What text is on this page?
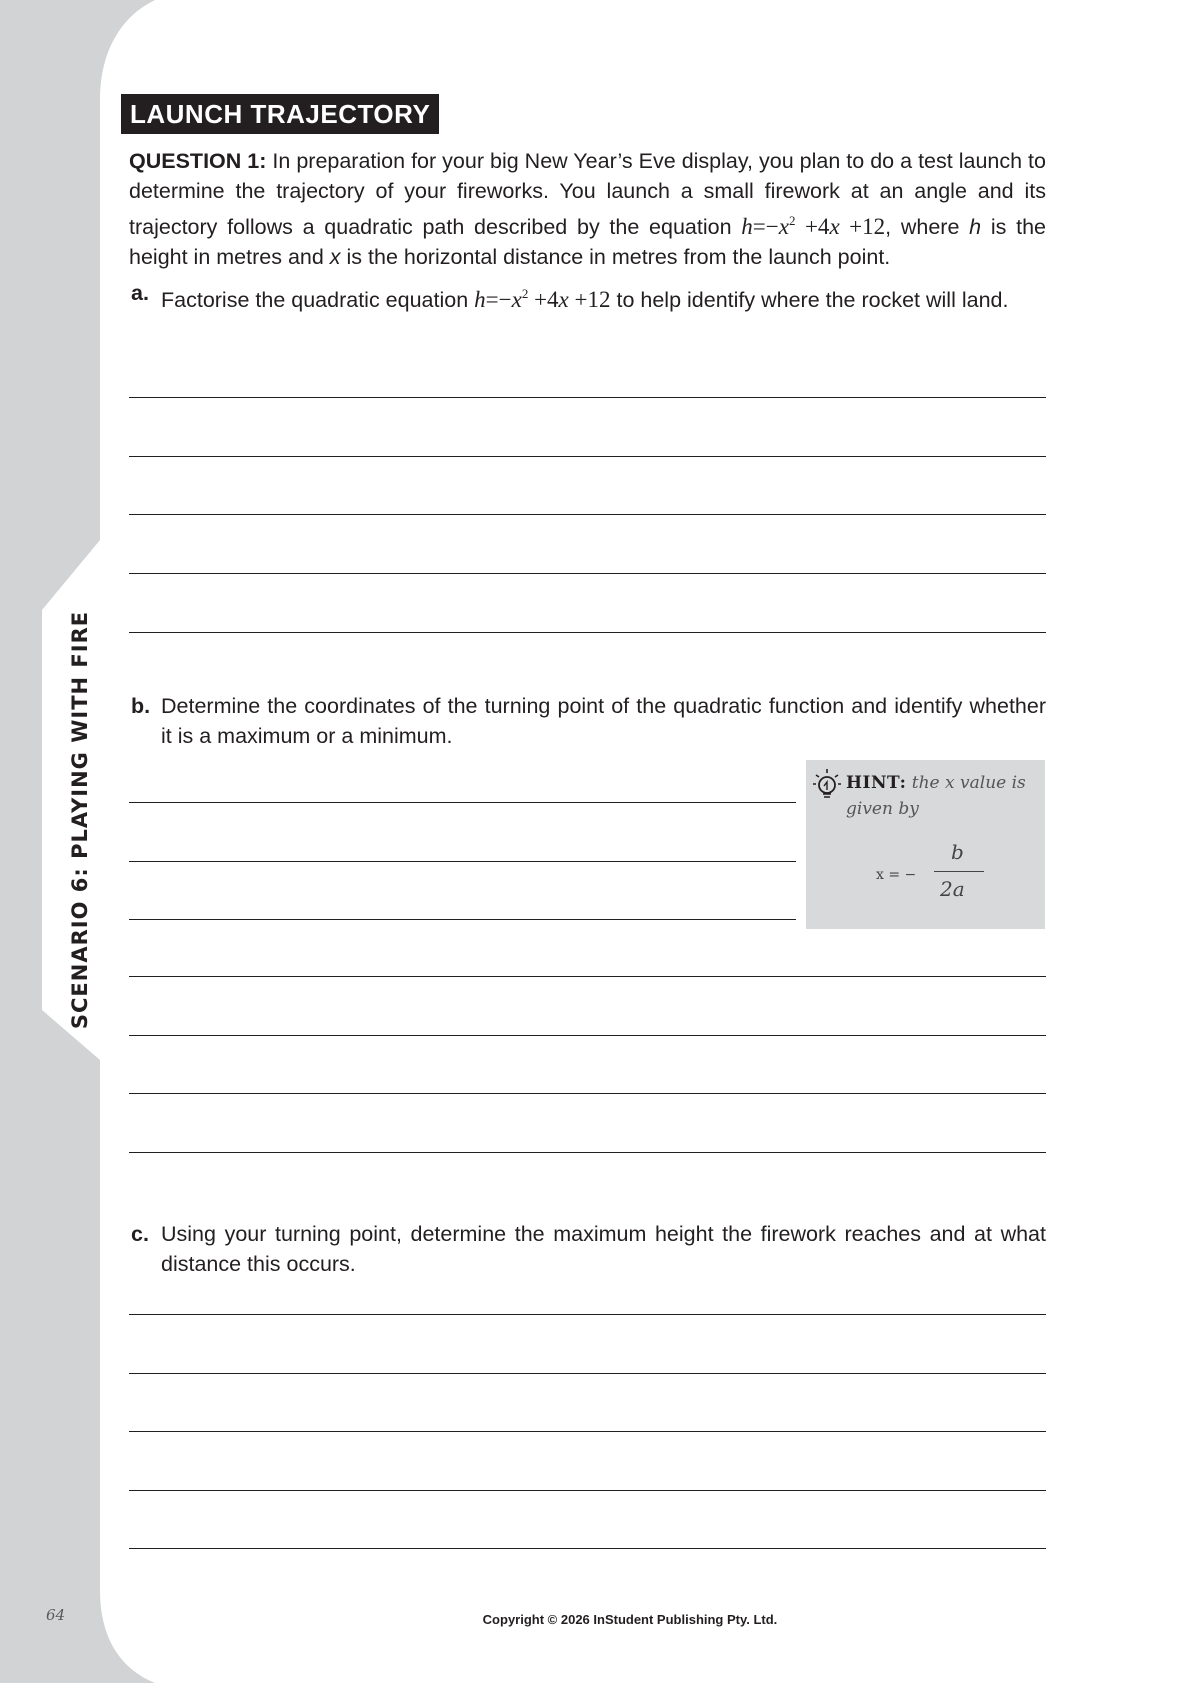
SCENARIO 6: PLAYING WITH FIRE
LAUNCH TRAJECTORY
QUESTION 1: In preparation for your big New Year’s Eve display, you plan to do a test launch to determine the trajectory of your fireworks. You launch a small firework at an angle and its trajectory follows a quadratic path described by the equation $h=-x^2 +4x +12$, where h is the height in metres and x is the horizontal distance in metres from the launch point.
a. Factorise the quadratic equation $h=-x^2 +4x +12$ to help identify where the rocket will land.
b. Determine the coordinates of the turning point of the quadratic function and identify whether it is a maximum or a minimum.
HINT: the x value is given by
x = −
b
2a
c. Using your turning point, determine the maximum height the firework reaches and at what distance this occurs.
64	Copyright © 2026 InStudent Publishing Pty. Ltd.
